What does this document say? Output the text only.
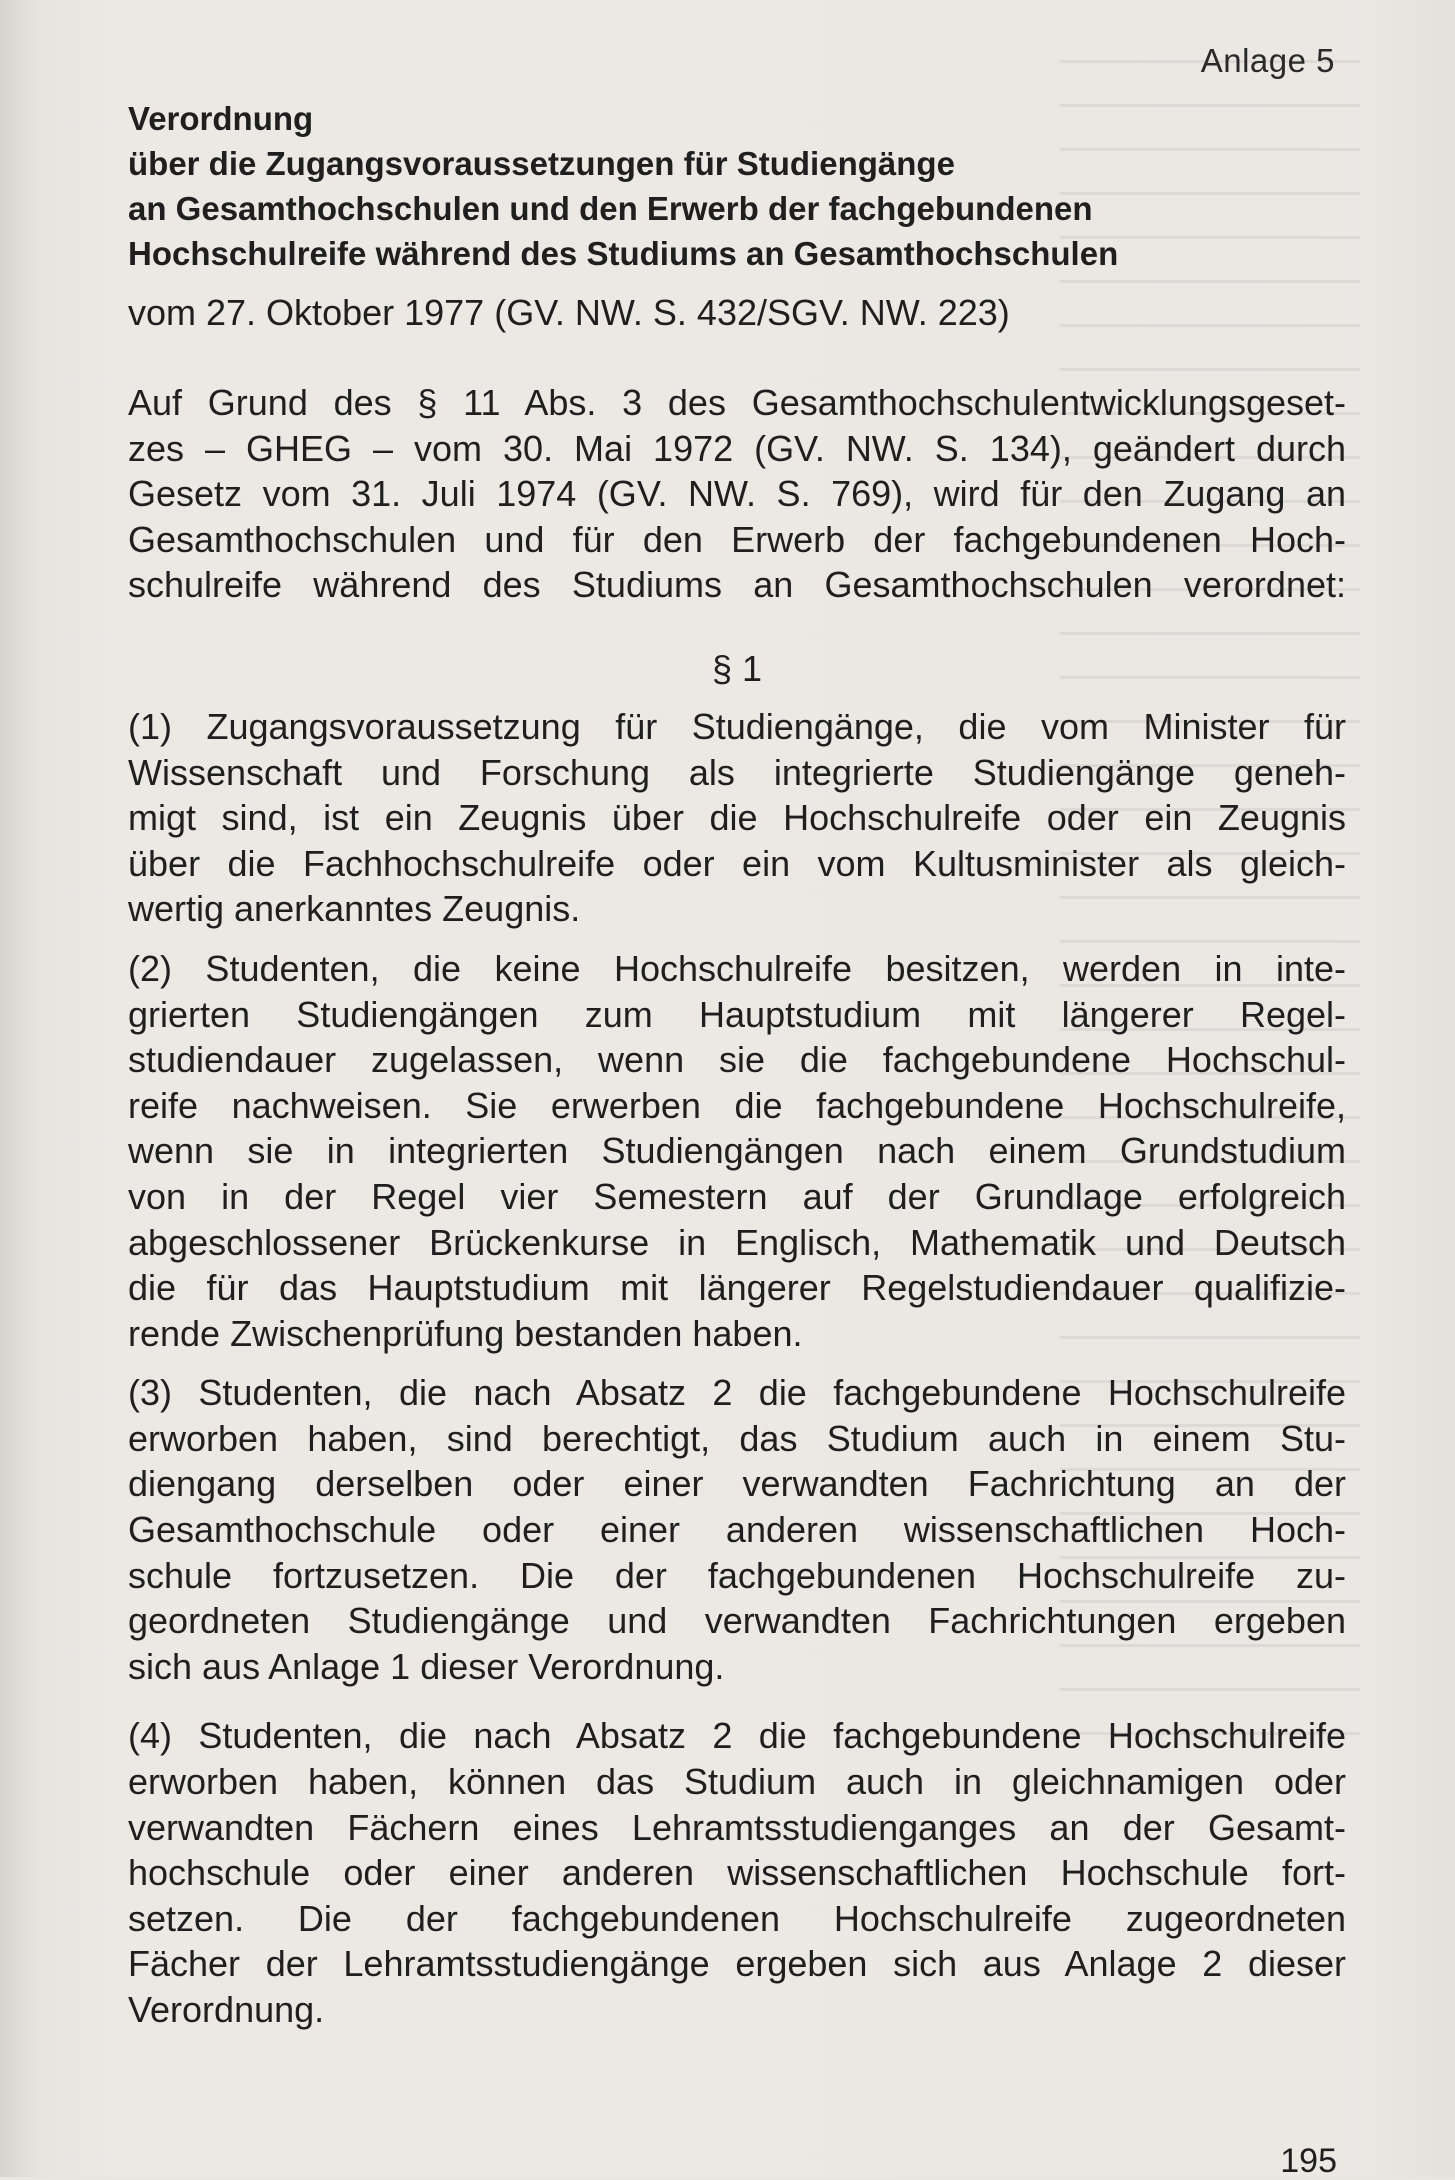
Anlage 5
Verordnung
über die Zugangsvoraussetzungen für Studiengänge
an Gesamthochschulen und den Erwerb der fachgebundenen
Hochschulreife während des Studiums an Gesamthochschulen

vom 27. Oktober 1977 (GV. NW. S. 432/SGV. NW. 223)

Auf Grund des § 11 Abs. 3 des Gesamthochschulentwicklungsgeset-
zes – GHEG – vom 30. Mai 1972 (GV. NW. S. 134), geändert durch
Gesetz vom 31. Juli 1974 (GV. NW. S. 769), wird für den Zugang an
Gesamthochschulen und für den Erwerb der fachgebundenen Hoch-
schulreife während des Studiums an Gesamthochschulen verordnet:

§ 1

(1) Zugangsvoraussetzung für Studiengänge, die vom Minister für
Wissenschaft und Forschung als integrierte Studiengänge geneh-
migt sind, ist ein Zeugnis über die Hochschulreife oder ein Zeugnis
über die Fachhochschulreife oder ein vom Kultusminister als gleich-
wertig anerkanntes Zeugnis.

(2) Studenten, die keine Hochschulreife besitzen, werden in inte-
grierten Studiengängen zum Hauptstudium mit längerer Regel-
studiendauer zugelassen, wenn sie die fachgebundene Hochschul-
reife nachweisen. Sie erwerben die fachgebundene Hochschulreife,
wenn sie in integrierten Studiengängen nach einem Grundstudium
von in der Regel vier Semestern auf der Grundlage erfolgreich
abgeschlossener Brückenkurse in Englisch, Mathematik und Deutsch
die für das Hauptstudium mit längerer Regelstudiendauer qualifizie-
rende Zwischenprüfung bestanden haben.

(3) Studenten, die nach Absatz 2 die fachgebundene Hochschulreife
erworben haben, sind berechtigt, das Studium auch in einem Stu-
diengang derselben oder einer verwandten Fachrichtung an der
Gesamthochschule oder einer anderen wissenschaftlichen Hoch-
schule fortzusetzen. Die der fachgebundenen Hochschulreife zu-
geordneten Studiengänge und verwandten Fachrichtungen ergeben
sich aus Anlage 1 dieser Verordnung.

(4) Studenten, die nach Absatz 2 die fachgebundene Hochschulreife
erworben haben, können das Studium auch in gleichnamigen oder
verwandten Fächern eines Lehramtsstudienganges an der Gesamt-
hochschule oder einer anderen wissenschaftlichen Hochschule fort-
setzen. Die der fachgebundenen Hochschulreife zugeordneten
Fächer der Lehramtsstudiengänge ergeben sich aus Anlage 2 dieser
Verordnung.

195
